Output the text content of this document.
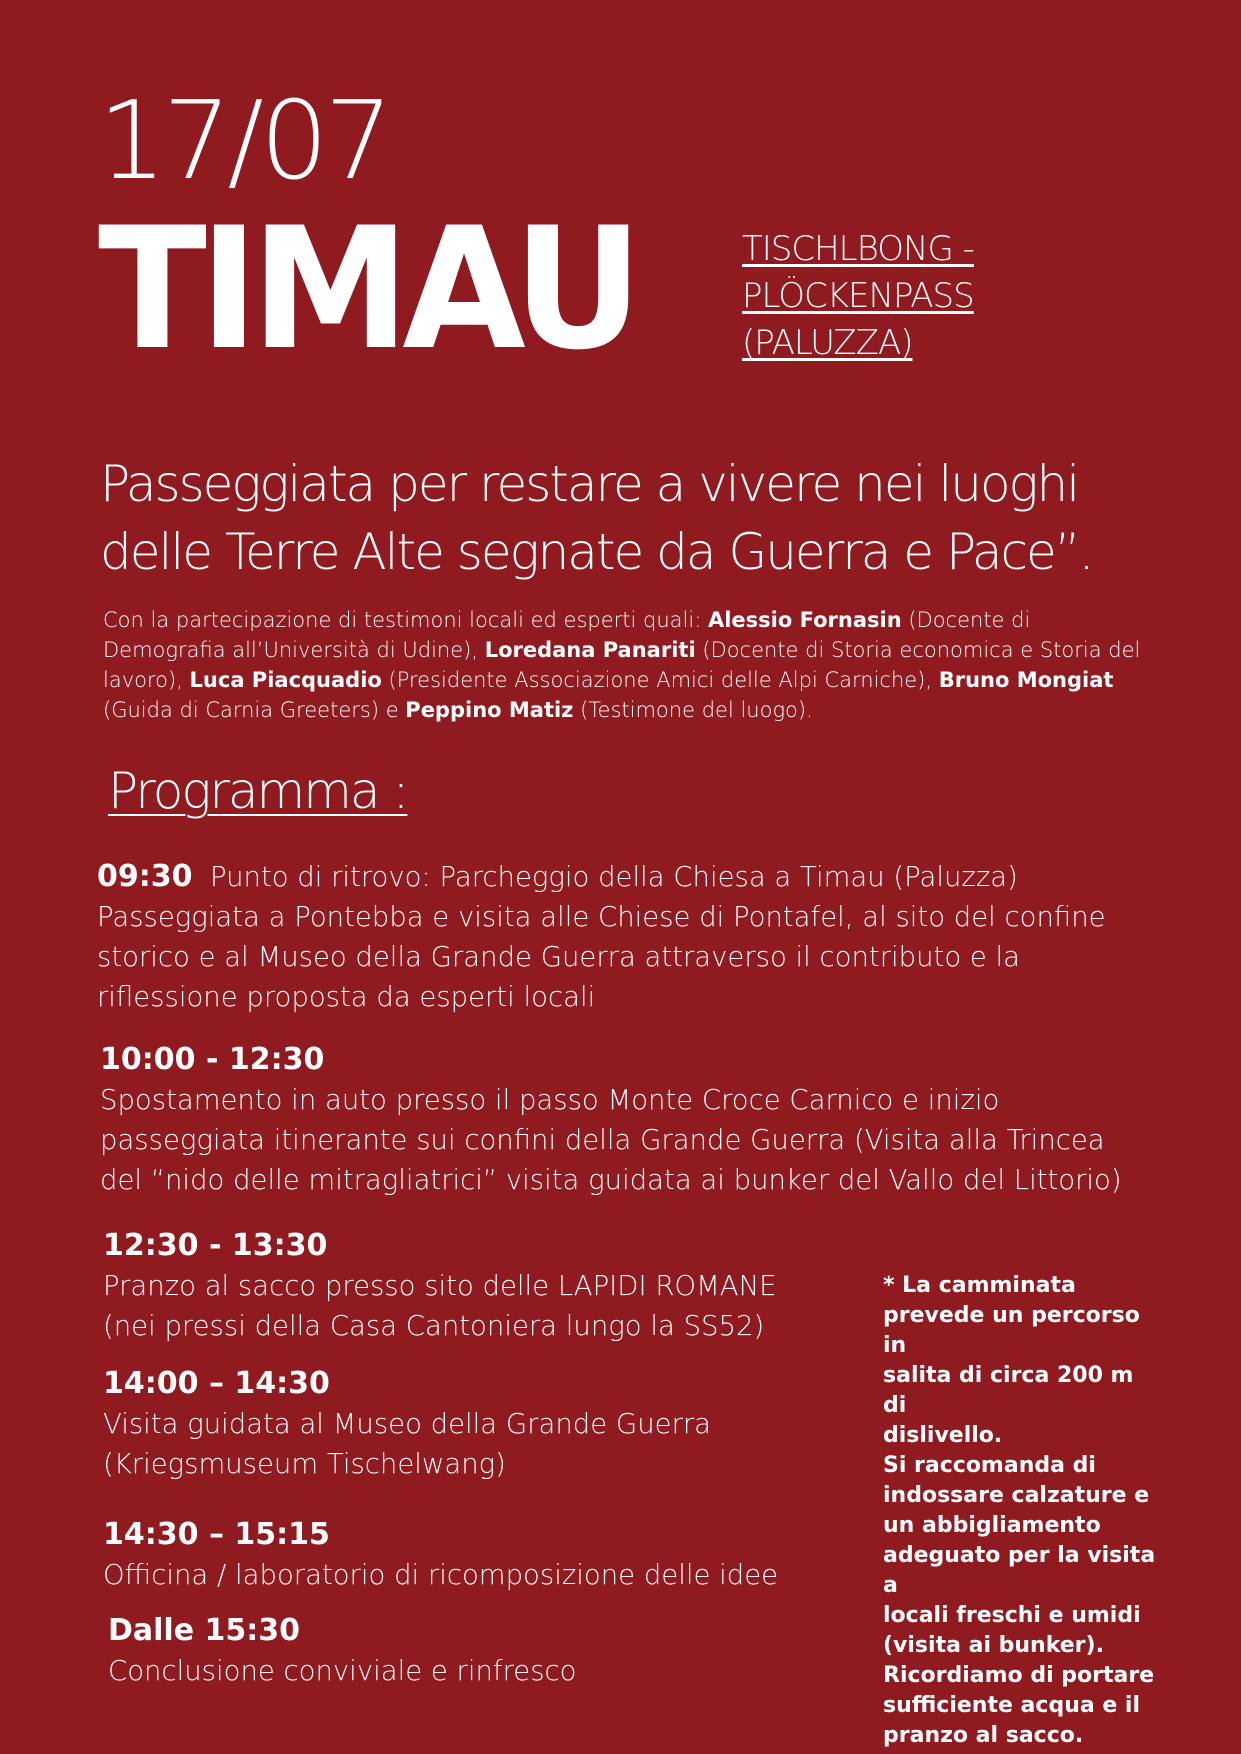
17/07
TIMAU	TISCHLBONG -
PLÖCKENPASS
(PALUZZA)
Passeggiata per restare a vivere nei luoghi
delle Terre Alte segnate da Guerra e Pace”.
Con la partecipazione di testimoni locali ed esperti quali: Alessio Fornasin (Docente di Demografia all’Università di Udine), Loredana Panariti (Docente di Storia economica e Storia del lavoro), Luca Piacquadio (Presidente Associazione Amici delle Alpi Carniche), Bruno Mongiat (Guida di Carnia Greeters) e Peppino Matiz (Testimone del luogo).
Programma :
09:30 Punto di ritrovo: Parcheggio della Chiesa a Timau (Paluzza)
Passeggiata a Pontebba e visita alle Chiese di Pontafel, al sito del confine
storico e al Museo della Grande Guerra attraverso il contributo e la
riflessione proposta da esperti locali
10:00 - 12:30
Spostamento in auto presso il passo Monte Croce Carnico e inizio
passeggiata itinerante sui confini della Grande Guerra (Visita alla Trincea
del “nido delle mitragliatrici” visita guidata ai bunker del Vallo del Littorio)
12:30 - 13:30
Pranzo al sacco presso sito delle LAPIDI ROMANE
(nei pressi della Casa Cantoniera lungo la SS52)
14:00 – 14:30
Visita guidata al Museo della Grande Guerra
(Kriegsmuseum Tischelwang)
14:30 – 15:15
Officina / laboratorio di ricomposizione delle idee
Dalle 15:30
Conclusione conviviale e rinfresco
* La camminata
prevede un percorso in
salita di circa 200 m di
dislivello.
Si raccomanda di
indossare calzature e
un abbigliamento
adeguato per la visita a
locali freschi e umidi
(visita ai bunker).
Ricordiamo di portare
sufficiente acqua e il
pranzo al sacco.
